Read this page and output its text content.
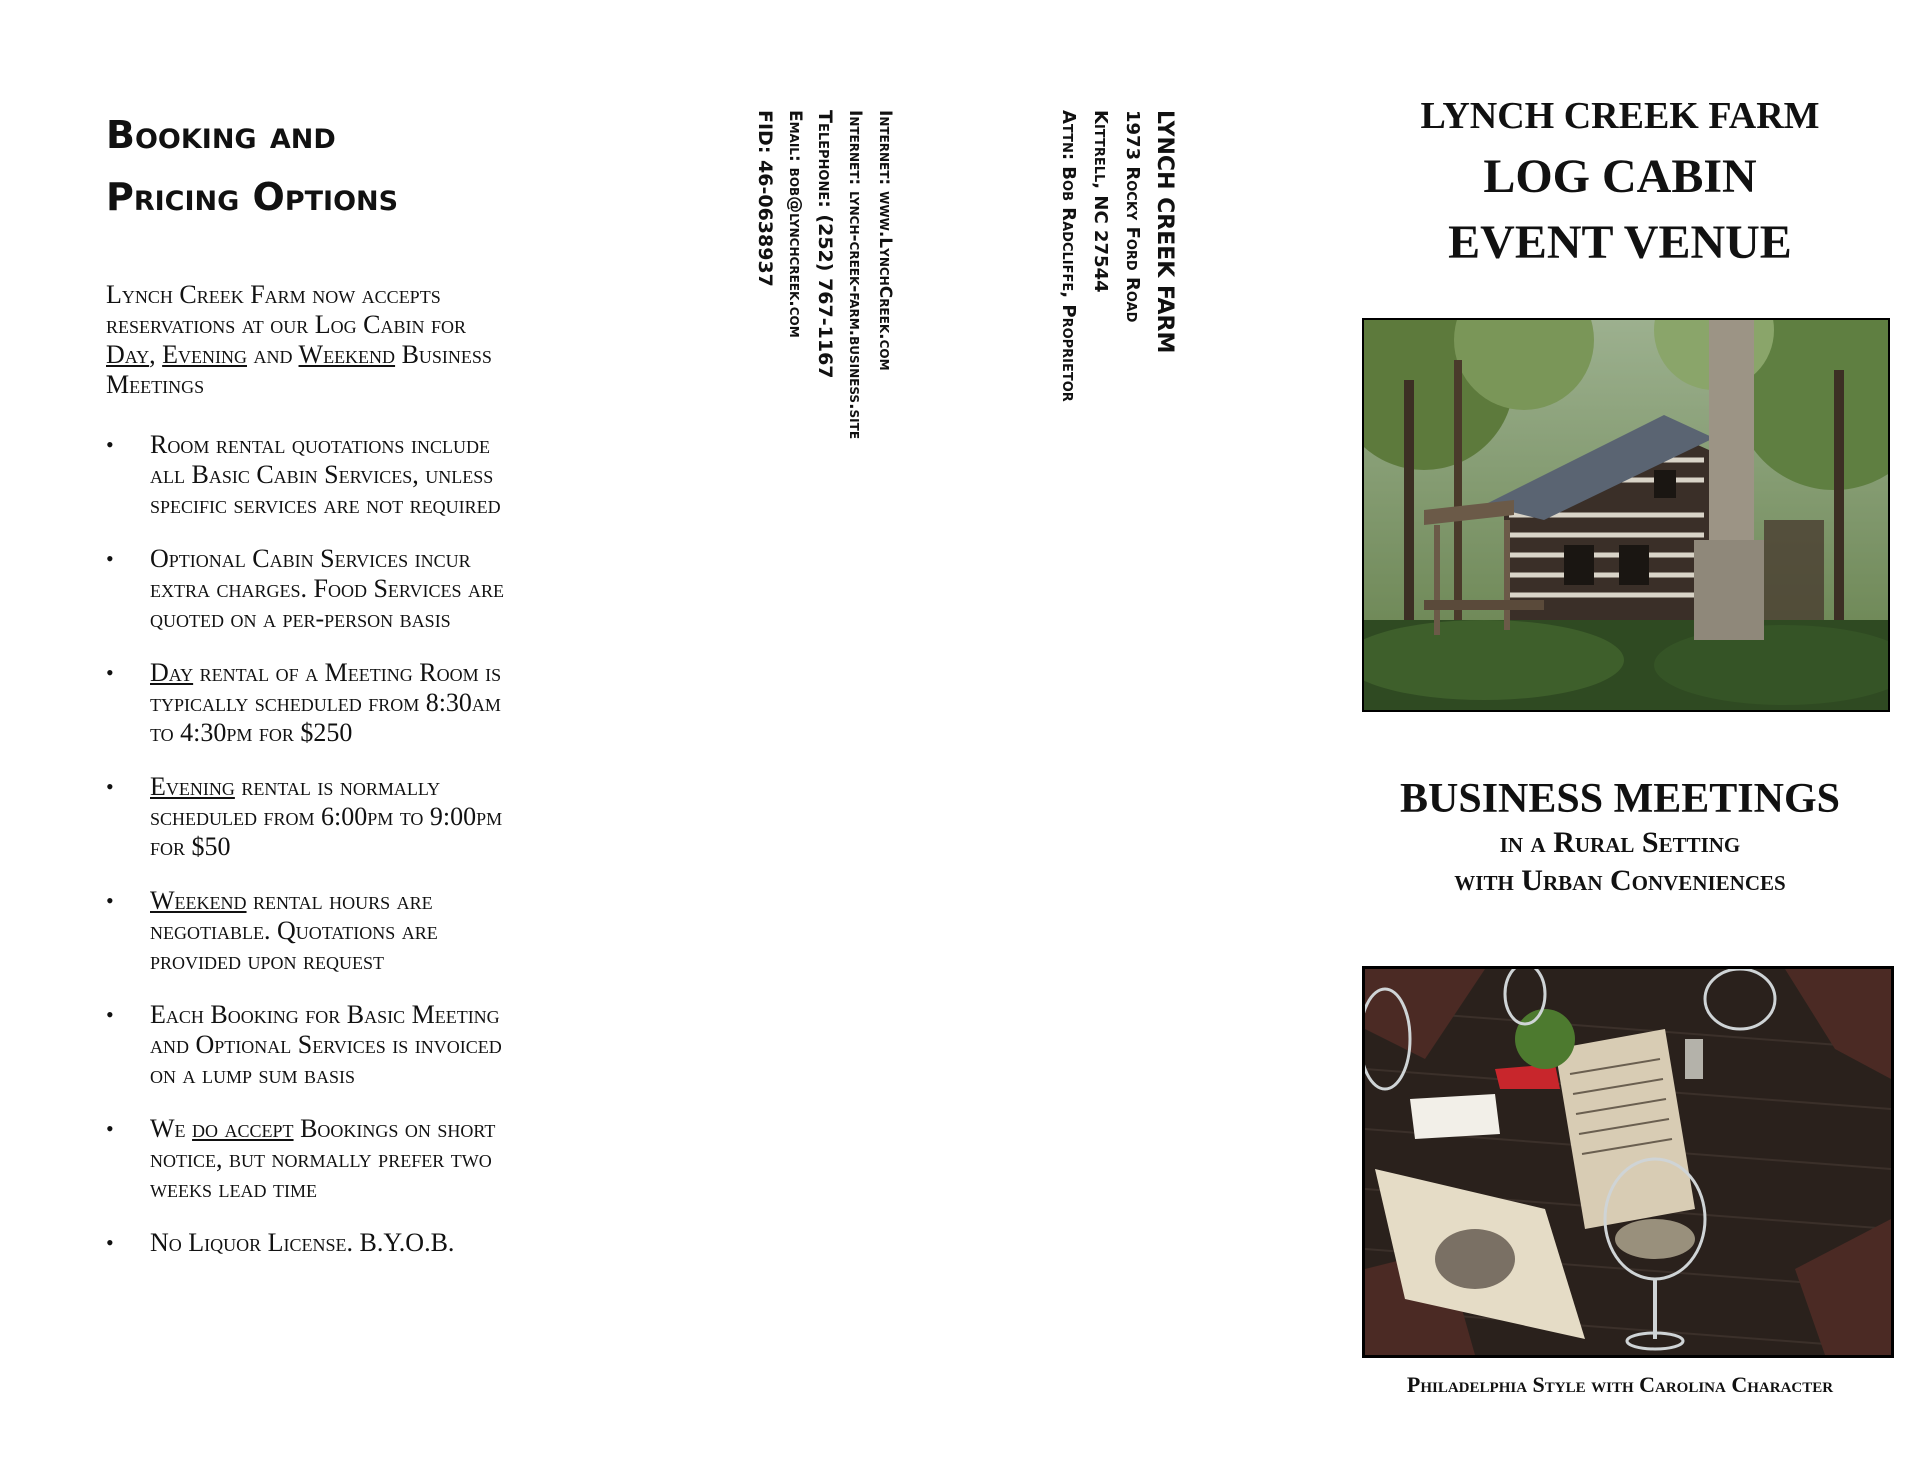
Booking and
Pricing Options
Lynch Creek Farm now accepts reservations at our Log Cabin for Day, Evening and Weekend Business Meetings
• Room rental quotations include all Basic Cabin Services, unless specific services are not required
• Optional Cabin Services incur extra charges. Food Services are quoted on a per-person basis
• Day rental of a Meeting Room is typically scheduled from 8:30am to 4:30pm for $250
• Evening rental is normally scheduled from 6:00pm to 9:00pm for $50
• Weekend rental hours are negotiable. Quotations are provided upon request
• Each Booking for Basic Meeting and Optional Services is invoiced on a lump sum basis
• We do accept Bookings on short notice, but normally prefer two weeks lead time
• No Liquor License. B.Y.O.B.
LYNCH CREEK FARM
1973 Rocky Ford Road
Kittrell, NC 27544
Attn: Bob Radcliffe, Proprietor
Internet: www.LynchCreek.com
Internet: lynch-creek-farm.business.site
Telephone: (252) 767-1167
Email: bob@lynchcreek.com
FID: 46-0638937	LYNCH CREEK FARM
LOG CABIN
EVENT VENUE
BUSINESS MEETINGS
in a Rural Setting
with Urban Conveniences
Philadelphia Style with Carolina Character
